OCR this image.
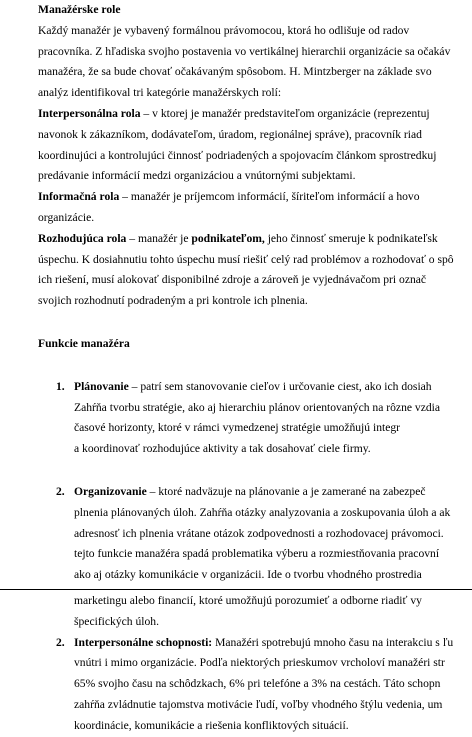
Manažérske role
Každý manažér je vybavený formálnou právomocou, ktorá ho odlišuje od radov
pracovníka. Z hľadiska svojho postavenia vo vertikálnej hierarchii organizácie sa očakáv
manažéra, že sa bude chovať očakávaným spôsobom. H. Mintzberger na základe svo
analýz identifikoval tri kategórie manažérskych rolí:
Interpersonálna rola – v ktorej je manažér predstaviteľom organizácie (reprezentuj
navonok k zákazníkom, dodávateľom, úradom, regionálnej správe), pracovník riad
koordinujúci a kontrolujúci činnosť podriadených a spojovacím článkom sprostredkuj
predávanie informácií medzi organizáciou a vnútornými subjektami.
Informačná rola – manažér je príjemcom informácií, šíriteľom informácií a hovo
organizácie.
Rozhodujúca rola – manažér je podnikateľom, jeho činnosť smeruje k podnikateľsk
úspechu. K dosiahnutiu tohto úspechu musí riešiť celý rad problémov a rozhodovať o spô
ich riešení, musí alokovať disponibilné zdroje a zároveň je vyjednávačom pri označ
svojich rozhodnutí podradeným a pri kontrole ich plnenia.
Funkcie manažéra
1. Plánovanie – patrí sem stanovovanie cieľov i určovanie ciest, ako ich dosiah
Zahŕňa tvorbu stratégie, ako aj hierarchiu plánov orientovaných na rôzne vzdia
časové horizonty, ktoré v rámci vymedzenej stratégie umožňujú integr
a koordinovať rozhodujúce aktivity a tak dosahovať ciele firmy.
2. Organizovanie – ktoré nadväzuje na plánovanie a je zamerané na zabezpeč
plnenia plánovaných úloh. Zahŕňa otázky analyzovania a zoskupovania úloh a ak
adresnosť ich plnenia vrátane otázok zodpovednosti a rozhodovacej právomoci.
tejto funkcie manažéra spadá problematika výberu a rozmiestňovania pracovní
ako aj otázky komunikácie v organizácii. Ide o tvorbu vhodného prostredia
marketingu alebo financií, ktoré umožňujú porozumieť a odborne riadiť vy
špecifických úloh.
2. Interpersonálne schopnosti: Manažéri spotrebujú mnoho času na interakciu s ľu
vnútri i mimo organizácie. Podľa niektorých prieskumov vrcholoví manažéri str
65% svojho času na schôdzkach, 6% pri telefóne a 3% na cestách. Táto schopn
zahŕňa zvládnutie tajomstva motivácie ľudí, voľby vhodného štýlu vedenia, um
koordinácie, komunikácie a riešenia konfliktových situácií.
